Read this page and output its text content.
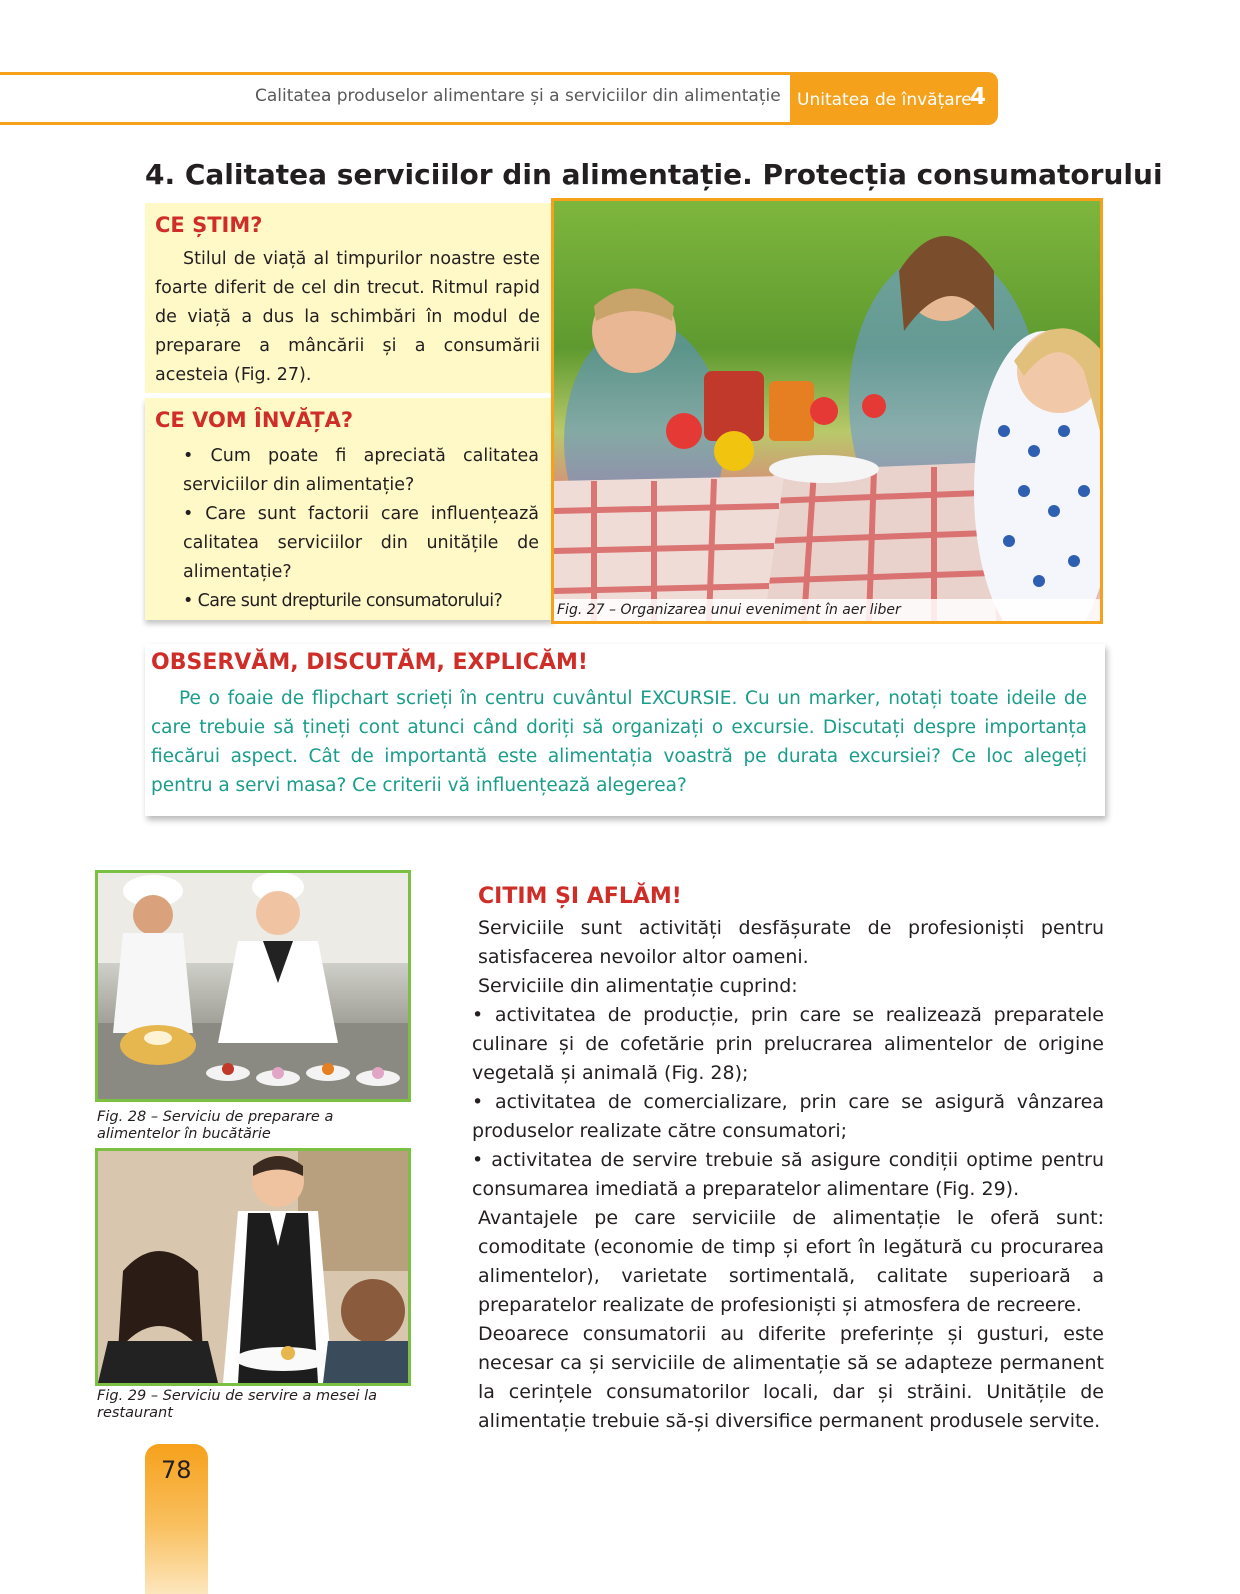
Calitatea produselor alimentare și a serviciilor din alimentație Unitatea de învățare
4
4. Calitatea serviciilor din alimentație. Protecția consumatorului
CE ȘTIM?
Stilul de viață al timpurilor noastre este foarte diferit de cel din trecut. Ritmul rapid de viață a dus la schimbări în modul de preparare a mâncării și a consumării acesteia (Fig. 27).
CE VOM ÎNVĂȚA?
• Cum poate fi apreciată calitatea serviciilor din alimentație?
• Care sunt factorii care influențează calitatea serviciilor din unitățile de alimentație?
• Care sunt drepturile consumatorului?	Fig. 27 – Organizarea unui eveniment în aer liber
OBSERVĂM, DISCUTĂM, EXPLICĂM!
Pe o foaie de flipchart scrieți în centru cuvântul EXCURSIE. Cu un marker, notați toate ideile de care trebuie să țineți cont atunci când doriți să organizați o excursie. Discutați despre importanța fiecărui aspect. Cât de importantă este alimentația voastră pe durata excursiei? Ce loc alegeți pentru a servi masa? Ce criterii vă influențează alegerea?
Fig. 28 – Serviciu de preparare a alimentelor în bucătărie
Fig. 29 – Serviciu de servire a mesei la restaurant
CITIM ȘI AFLĂM!

Serviciile sunt activități desfășurate de profesioniști pentru satisfacerea nevoilor altor oameni.

Serviciile din alimentație cuprind:

• activitatea de producție, prin care se realizează preparatele culinare și de cofetărie prin prelucrarea alimentelor de origine vegetală și animală (Fig. 28);

• activitatea de comercializare, prin care se asigură vânzarea produselor realizate către consumatori;

• activitatea de servire trebuie să asigure condiții optime pentru consumarea imediată a preparatelor alimentare (Fig. 29).

Avantajele pe care serviciile de alimentație le oferă sunt: comoditate (economie de timp și efort în legătură cu procurarea alimentelor), varietate sortimentală, calitate superioară a preparatelor realizate de profesioniști și atmosfera de recreere.

Deoarece consumatorii au diferite preferințe și gusturi, este necesar ca și serviciile de alimentație să se adapteze permanent la cerințele consumatorilor locali, dar și străini. Unitățile de alimentație trebuie să-și diversifice permanent produsele servite.

78
